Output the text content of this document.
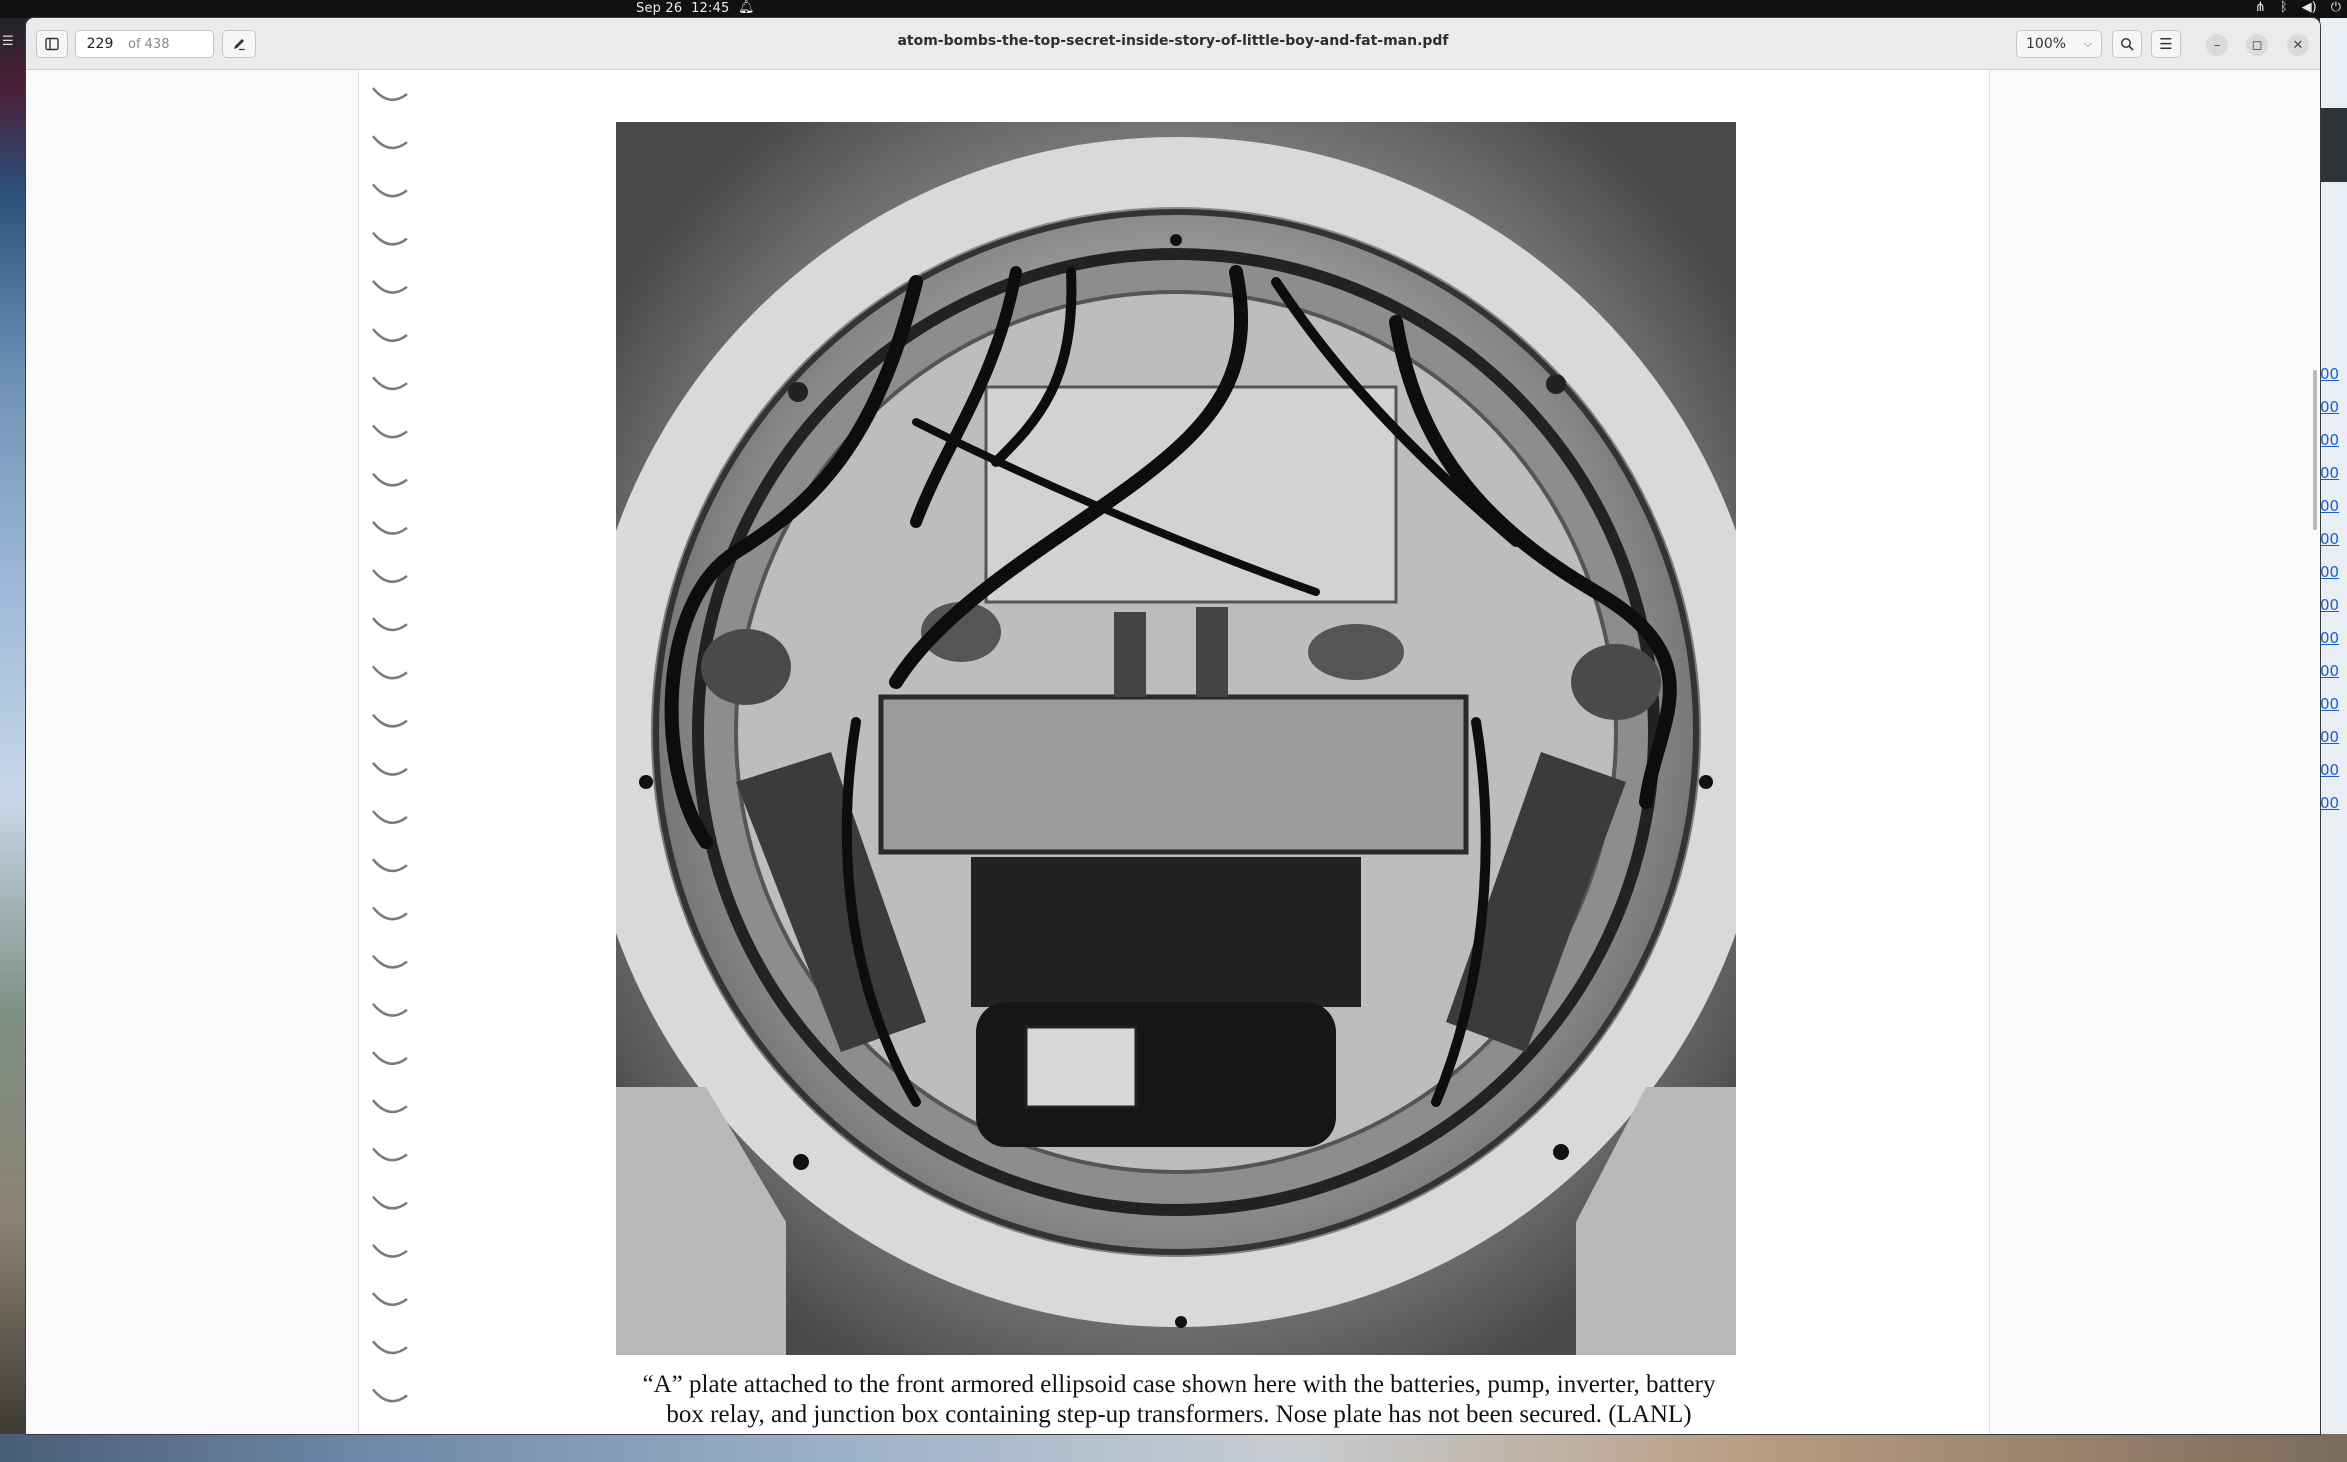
Sep 26 12:45 🔔︎	⋔ ᛒ ◀) ⏻
☰
00
00
00
00
00
00
00
00
00
00
00
00
00
00
229
of 438	atom-bombs-the-top-secret-inside-story-of-little-boy-and-fat-man.pdf	100% ⌵	☰	– ◻ ✕
“A” plate attached to the front armored ellipsoid case shown here with the batteries, pump, inverter, battery
box relay, and junction box containing step-up transformers. Nose plate has not been secured. (LANL)
